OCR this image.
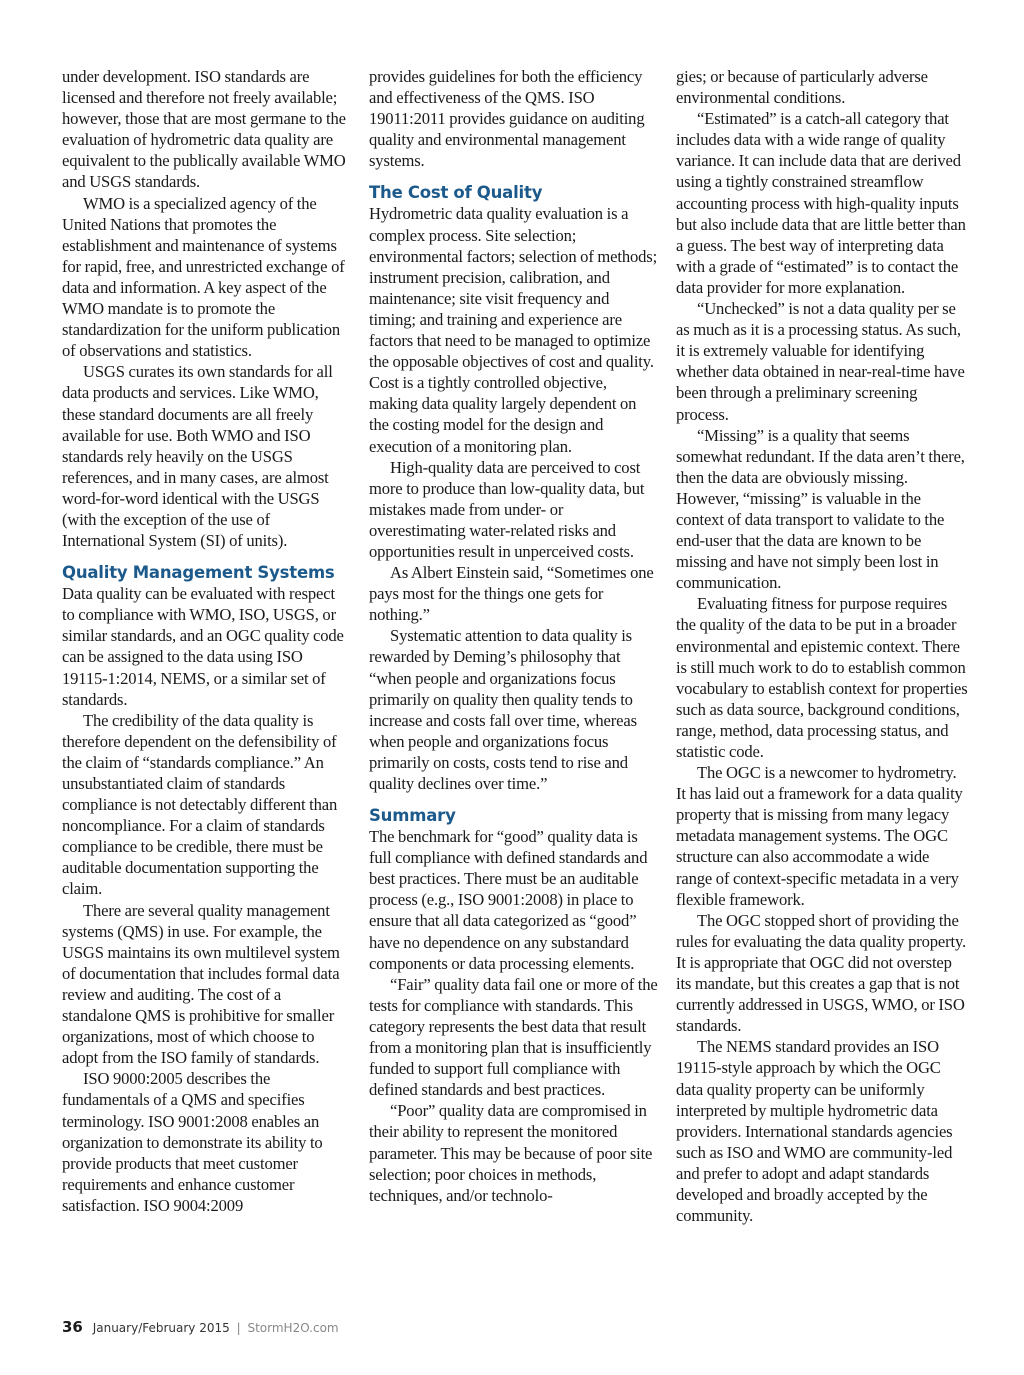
under development. ISO standards are licensed and therefore not freely available; however, those that are most germane to the evaluation of hydrometric data quality are equivalent to the publically available WMO and USGS standards.

WMO is a specialized agency of the United Nations that promotes the establishment and maintenance of systems for rapid, free, and unrestricted exchange of data and information. A key aspect of the WMO mandate is to promote the standardization for the uniform publication of observations and statistics.

USGS curates its own standards for all data products and services. Like WMO, these standard documents are all freely available for use. Both WMO and ISO standards rely heavily on the USGS references, and in many cases, are almost word-for-word identical with the USGS (with the exception of the use of International System (SI) of units).

Quality Management Systems

Data quality can be evaluated with respect to compliance with WMO, ISO, USGS, or similar standards, and an OGC quality code can be assigned to the data using ISO 19115-1:2014, NEMS, or a similar set of standards.

The credibility of the data quality is therefore dependent on the defensibility of the claim of “standards compliance.” An unsubstantiated claim of standards compliance is not detectably different than noncompliance. For a claim of standards compliance to be credible, there must be auditable documentation supporting the claim.

There are several quality management systems (QMS) in use. For example, the USGS maintains its own multilevel system of documentation that includes formal data review and auditing. The cost of a standalone QMS is prohibitive for smaller organizations, most of which choose to adopt from the ISO family of standards.

ISO 9000:2005 describes the fundamentals of a QMS and specifies terminology. ISO 9001:2008 enables an organization to demonstrate its ability to provide products that meet customer requirements and enhance customer satisfaction. ISO 9004:2009

provides guidelines for both the efficiency and effectiveness of the QMS. ISO 19011:2011 provides guidance on auditing quality and environmental management systems.

The Cost of Quality

Hydrometric data quality evaluation is a complex process. Site selection; environmental factors; selection of methods; instrument precision, calibration, and maintenance; site visit frequency and timing; and training and experience are factors that need to be managed to optimize the opposable objectives of cost and quality. Cost is a tightly controlled objective, making data quality largely dependent on the costing model for the design and execution of a monitoring plan.

High-quality data are perceived to cost more to produce than low-quality data, but mistakes made from under- or overestimating water-related risks and opportunities result in unperceived costs.

As Albert Einstein said, “Sometimes one pays most for the things one gets for nothing.”

Systematic attention to data quality is rewarded by Deming’s philosophy that “when people and organizations focus primarily on quality then quality tends to increase and costs fall over time, whereas when people and organizations focus primarily on costs, costs tend to rise and quality declines over time.”

Summary

The benchmark for “good” quality data is full compliance with defined standards and best practices. There must be an auditable process (e.g., ISO 9001:2008) in place to ensure that all data categorized as “good” have no dependence on any substandard components or data processing elements.

“Fair” quality data fail one or more of the tests for compliance with standards. This category represents the best data that result from a monitoring plan that is insufficiently funded to support full compliance with defined standards and best practices.

“Poor” quality data are compromised in their ability to represent the monitored parameter. This may be because of poor site selection; poor choices in methods, techniques, and/or technolo-

gies; or because of particularly adverse environmental conditions.

“Estimated” is a catch-all category that includes data with a wide range of quality variance. It can include data that are derived using a tightly constrained streamflow accounting process with high-quality inputs but also include data that are little better than a guess. The best way of interpreting data with a grade of “estimated” is to contact the data provider for more explanation.

“Unchecked” is not a data quality per se as much as it is a processing status. As such, it is extremely valuable for identifying whether data obtained in near-real-time have been through a preliminary screening process.

“Missing” is a quality that seems somewhat redundant. If the data aren’t there, then the data are obviously missing. However, “missing” is valuable in the context of data transport to validate to the end-user that the data are known to be missing and have not simply been lost in communication.

Evaluating fitness for purpose requires the quality of the data to be put in a broader environmental and epistemic context. There is still much work to do to establish common vocabulary to establish context for properties such as data source, background conditions, range, method, data processing status, and statistic code.

The OGC is a newcomer to hydrometry. It has laid out a framework for a data quality property that is missing from many legacy metadata management systems. The OGC structure can also accommodate a wide range of context-specific metadata in a very flexible framework.

The OGC stopped short of providing the rules for evaluating the data quality property. It is appropriate that OGC did not overstep its mandate, but this creates a gap that is not currently addressed in USGS, WMO, or ISO standards.

The NEMS standard provides an ISO 19115-style approach by which the OGC data quality property can be uniformly interpreted by multiple hydrometric data providers. International standards agencies such as ISO and WMO are community-led and prefer to adopt and adapt standards developed and broadly accepted by the community.

36 January/February 2015 | StormH2O.com
